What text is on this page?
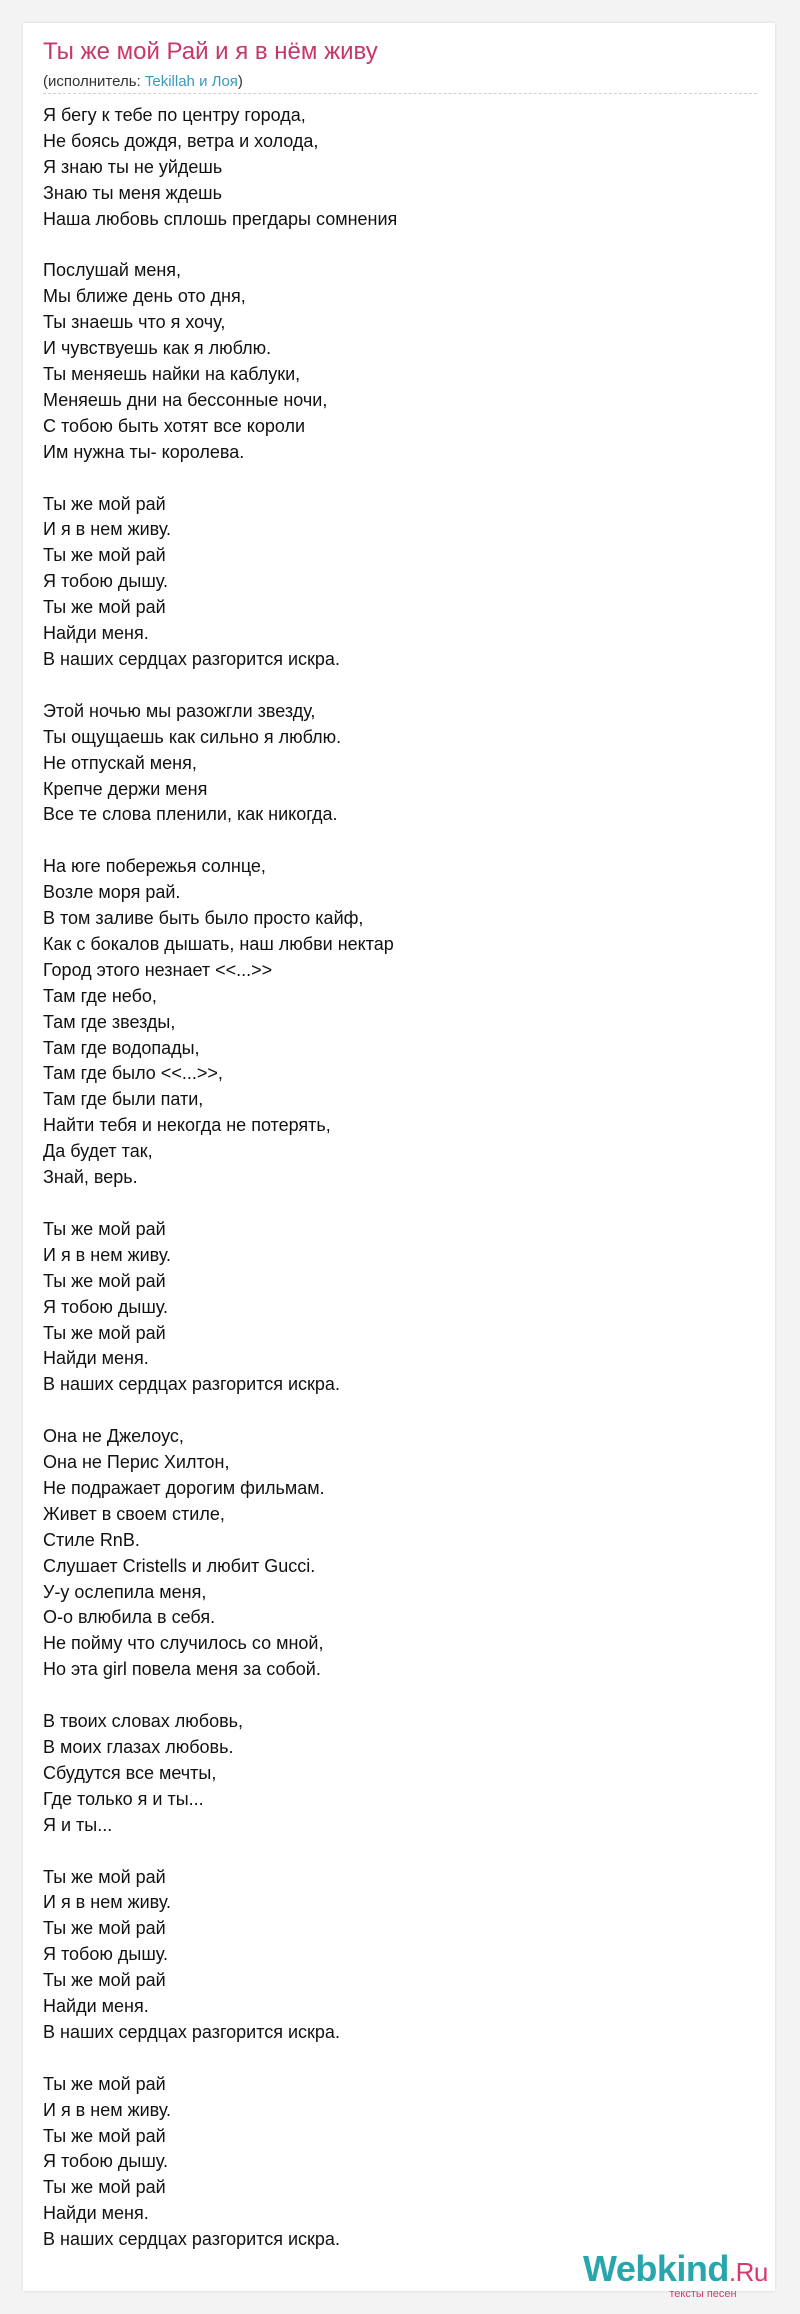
Ты же мой Рай и я в нём живу
(исполнитель: Tekillah и Лоя)
Я бегу к тебе по центру города,
Не боясь дождя, ветра и холода,
Я знаю ты не уйдешь
Знаю ты меня ждешь
Наша любовь сплошь прегдары сомнения
Послушай меня,
Мы ближе день ото дня,
Ты знаешь что я хочу,
И чувствуешь как я люблю.
Ты меняешь найки на каблуки,
Меняешь дни на бессонные ночи,
С тобою быть хотят все короли
Им нужна ты- королева.
Ты же мой рай
И я в нем живу.
Ты же мой рай
Я тобою дышу.
Ты же мой рай
Найди меня.
В наших сердцах разгорится искра.
Этой ночью мы разожгли звезду,
Ты ощущаешь как сильно я люблю.
Не отпускай меня,
Крепче держи меня
Все те слова пленили, как никогда.
На юге побережья солнце,
Возле моря рай.
В том заливе быть было просто кайф,
Как с бокалов дышать, наш любви нектар
Город этого незнает <<...>>
Там где небо,
Там где звезды,
Там где водопады,
Там где было <<...>>,
Там где были пати,
Найти тебя и некогда не потерять,
Да будет так,
Знай, верь.
Ты же мой рай
И я в нем живу.
Ты же мой рай
Я тобою дышу.
Ты же мой рай
Найди меня.
В наших сердцах разгорится искра.
Она не Джелоус,
Она не Перис Хилтон,
Не подражает дорогим фильмам.
Живет в своем стиле,
Стиле RnB.
Слушает Cristells и любит Gucci.
У-у ослепила меня,
О-о влюбила в себя.
Не пойму что случилось со мной,
Но эта girl повела меня за собой.
В твоих словах любовь,
В моих глазах любовь.
Сбудутся все мечты,
Где только я и ты...
Я и ты...
Ты же мой рай
И я в нем живу.
Ты же мой рай
Я тобою дышу.
Ты же мой рай
Найди меня.
В наших сердцах разгорится искра.
Ты же мой рай
И я в нем живу.
Ты же мой рай
Я тобою дышу.
Ты же мой рай
Найди меня.
В наших сердцах разгорится искра.
Webkind.Ru
тексты песен
